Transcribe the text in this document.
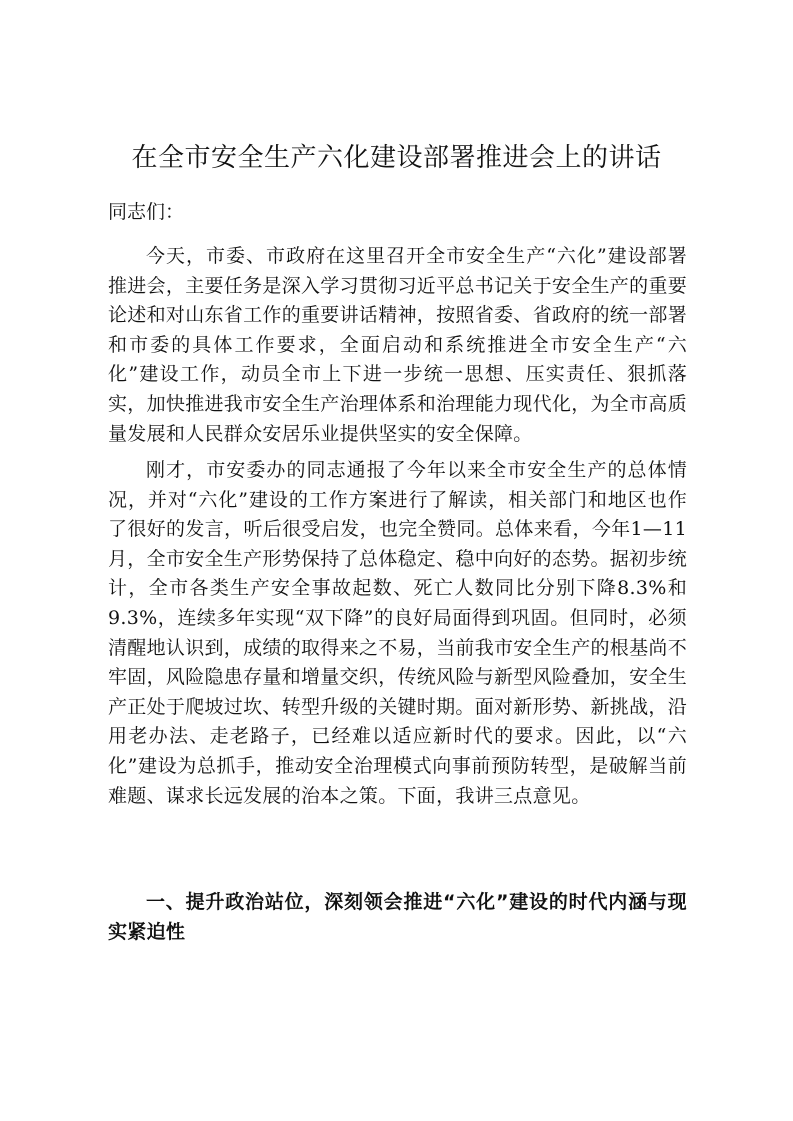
在全市安全生产六化建设部署推进会上的讲话

同志们：

今天，市委、市政府在这里召开全市安全生产“六化”建设部署推进会，主要任务是深入学习贯彻习近平总书记关于安全生产的重要论述和对山东省工作的重要讲话精神，按照省委、省政府的统一部署和市委的具体工作要求，全面启动和系统推进全市安全生产“六化”建设工作，动员全市上下进一步统一思想、压实责任、狠抓落实，加快推进我市安全生产治理体系和治理能力现代化，为全市高质量发展和人民群众安居乐业提供坚实的安全保障。

刚才，市安委办的同志通报了今年以来全市安全生产的总体情况，并对“六化”建设的工作方案进行了解读，相关部门和地区也作了很好的发言，听后很受启发，也完全赞同。总体来看，今年1—11月，全市安全生产形势保持了总体稳定、稳中向好的态势。据初步统计，全市各类生产安全事故起数、死亡人数同比分别下降8.3%和9.3%，连续多年实现“双下降”的良好局面得到巩固。但同时，必须清醒地认识到，成绩的取得来之不易，当前我市安全生产的根基尚不牢固，风险隐患存量和增量交织，传统风险与新型风险叠加，安全生产正处于爬坡过坎、转型升级的关键时期。面对新形势、新挑战，沿用老办法、走老路子，已经难以适应新时代的要求。因此，以“六化”建设为总抓手，推动安全治理模式向事前预防转型，是破解当前难题、谋求长远发展的治本之策。下面，我讲三点意见。

一、提升政治站位，深刻领会推进“六化”建设的时代内涵与现实紧迫性
